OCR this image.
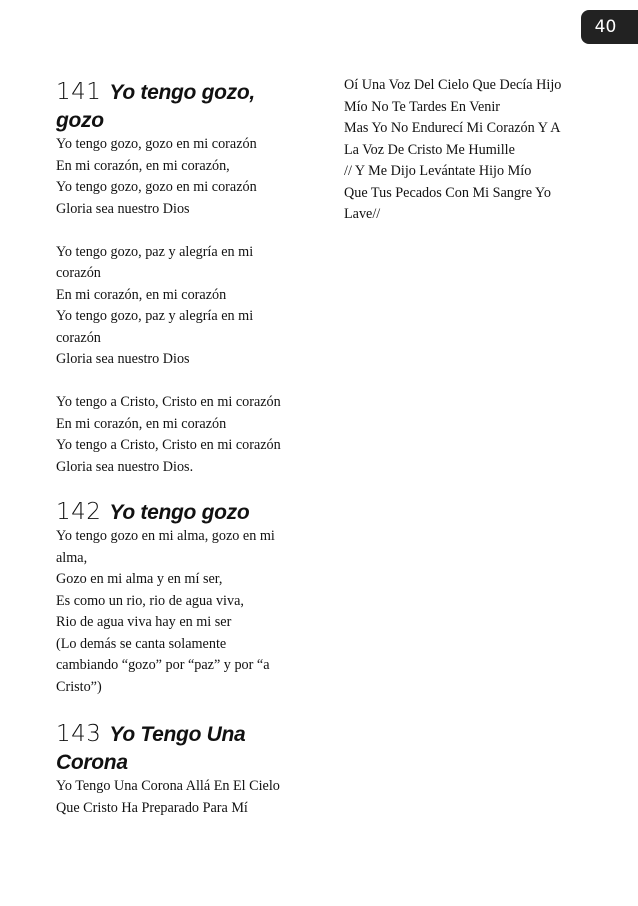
40
141 Yo tengo gozo,
gozo
Yo tengo gozo, gozo en mi corazón
En mi corazón, en mi corazón,
Yo tengo gozo, gozo en mi corazón
Gloria sea nuestro Dios
Yo tengo gozo, paz y alegría en mi
corazón
En mi corazón, en mi corazón
Yo tengo gozo, paz y alegría en mi
corazón
Gloria sea nuestro Dios
Yo tengo a Cristo, Cristo en mi corazón
En mi corazón, en mi corazón
Yo tengo a Cristo, Cristo en mi corazón
Gloria sea nuestro Dios.
142 Yo tengo gozo
Yo tengo gozo en mi alma, gozo en mi
alma,
Gozo en mi alma y en mí ser,
Es como un rio, rio de agua viva,
Rio de agua viva hay en mi ser
(Lo demás se canta solamente
cambiando “gozo” por “paz” y por “a
Cristo”)
143 Yo Tengo Una
Corona
Yo Tengo Una Corona Allá En El Cielo
Que Cristo Ha Preparado Para Mí
Oí Una Voz Del Cielo Que Decía Hijo
Mío No Te Tardes En Venir
Mas Yo No Endurecí Mi Corazón Y A
La Voz De Cristo Me Humille
// Y Me Dijo Levántate Hijo Mío
Que Tus Pecados Con Mi Sangre Yo
Lave//
